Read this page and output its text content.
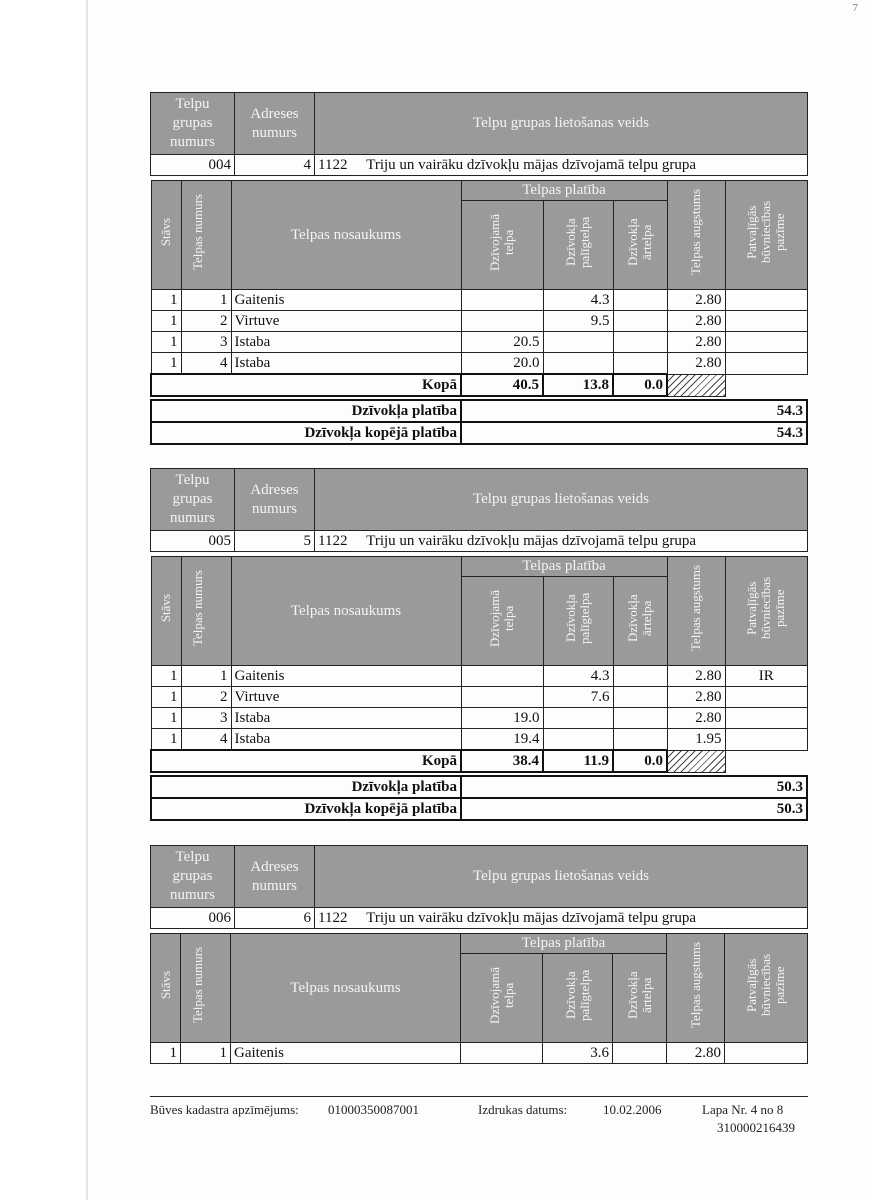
7
Telpu grupas numurs	Adreses numurs	Telpu grupas lietošanas veids
004	4	1122 Triju un vairāku dzīvokļu mājas dzīvojamā telpu grupa
Stāvs	Telpas numurs	Telpas nosaukums	Telpas platība			Telpas augstums	Patvaļīgās būvniecības pazīme
			Dzīvojamā telpa	Dzīvokļa palīgtelpa	Dzīvokļa ārtelpa		
1	1	Gaitenis		4.3		2.80	
1	2	Virtuve		9.5		2.80	
1	3	Istaba	20.5			2.80	
1	4	Istaba	20.0			2.80	
Kopā			40.5	13.8	0.0		
Dzīvokļa platība	54.3
Dzīvokļa kopējā platība	54.3
Telpu grupas numurs	Adreses numurs	Telpu grupas lietošanas veids
005	5	1122 Triju un vairāku dzīvokļu mājas dzīvojamā telpu grupa
Stāvs	Telpas numurs	Telpas nosaukums	Telpas platība			Telpas augstums	Patvaļīgās būvniecības pazīme
			Dzīvojamā telpa	Dzīvokļa palīgtelpa	Dzīvokļa ārtelpa		
1	1	Gaitenis		4.3		2.80	IR
1	2	Virtuve		7.6		2.80	
1	3	Istaba	19.0			2.80	
1	4	Istaba	19.4			1.95	
Kopā			38.4	11.9	0.0		
Dzīvokļa platība	50.3
Dzīvokļa kopējā platība	50.3
Telpu grupas numurs	Adreses numurs	Telpu grupas lietošanas veids
006	6	1122 Triju un vairāku dzīvokļu mājas dzīvojamā telpu grupa
Stāvs	Telpas numurs	Telpas nosaukums	Telpas platība			Telpas augstums	Patvaļīgās būvniecības pazīme
			Dzīvojamā telpa	Dzīvokļa palīgtelpa	Dzīvokļa ārtelpa		
1	1	Gaitenis		3.6		2.80	
Būves kadastra apzīmējums: 01000350087001	Izdrukas datums:	10.02.2006	Lapa Nr. 4 no 8
310000216439
